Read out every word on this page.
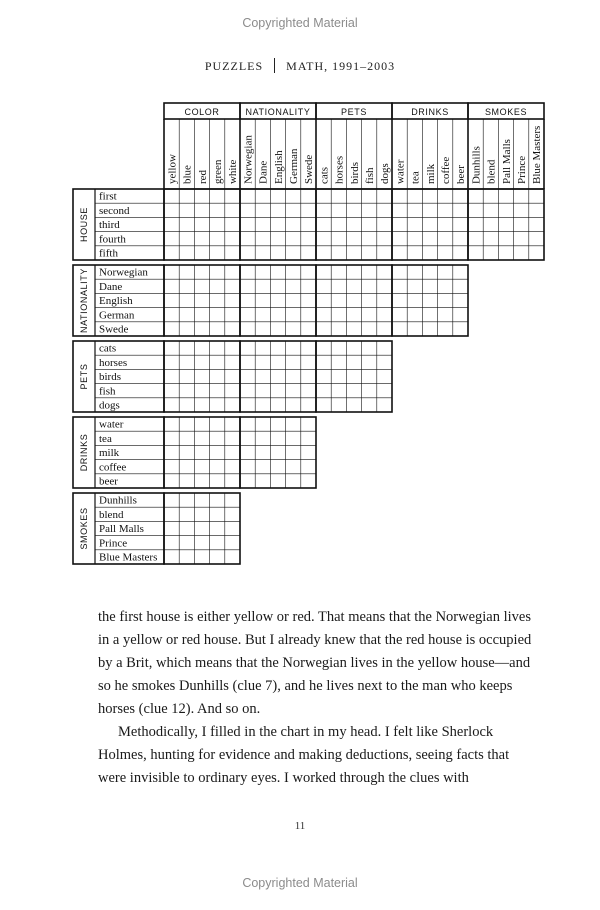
Copyrighted Material
PUZZLES MATH, 1991–2003
COLOR
yellow blue red green white
NATIONALITY
Norwegian Dane English German Swede
PETS
cats horses birds fish dogs
DRINKS
water tea milk coffee beer
SMOKES
Dunhills blend Pall Malls Prince Blue Masters
HOUSE
first
second
third
fourth
fifth
NATIONALITY Norwegian
Dane
English
German
Swede
PETS
cats
horses
birds
fish
dogs
DRINKS
water
tea
milk
coffee
beer
SMOKES
Dunhills
blend
Pall Malls
Prince
Blue Masters

the first house is either yellow or red. That means that the Norwegian lives in a yellow or red house. But I already knew that the red house is occupied by a Brit, which means that the Norwegian lives in the yellow house—and so he smokes Dunhills (clue 7), and he lives next to the man who keeps horses (clue 12). And so on.

Methodically, I filled in the chart in my head. I felt like Sherlock Holmes, hunting for evidence and making deductions, seeing facts that were invisible to ordinary eyes. I worked through the clues with

11
Copyrighted Material
